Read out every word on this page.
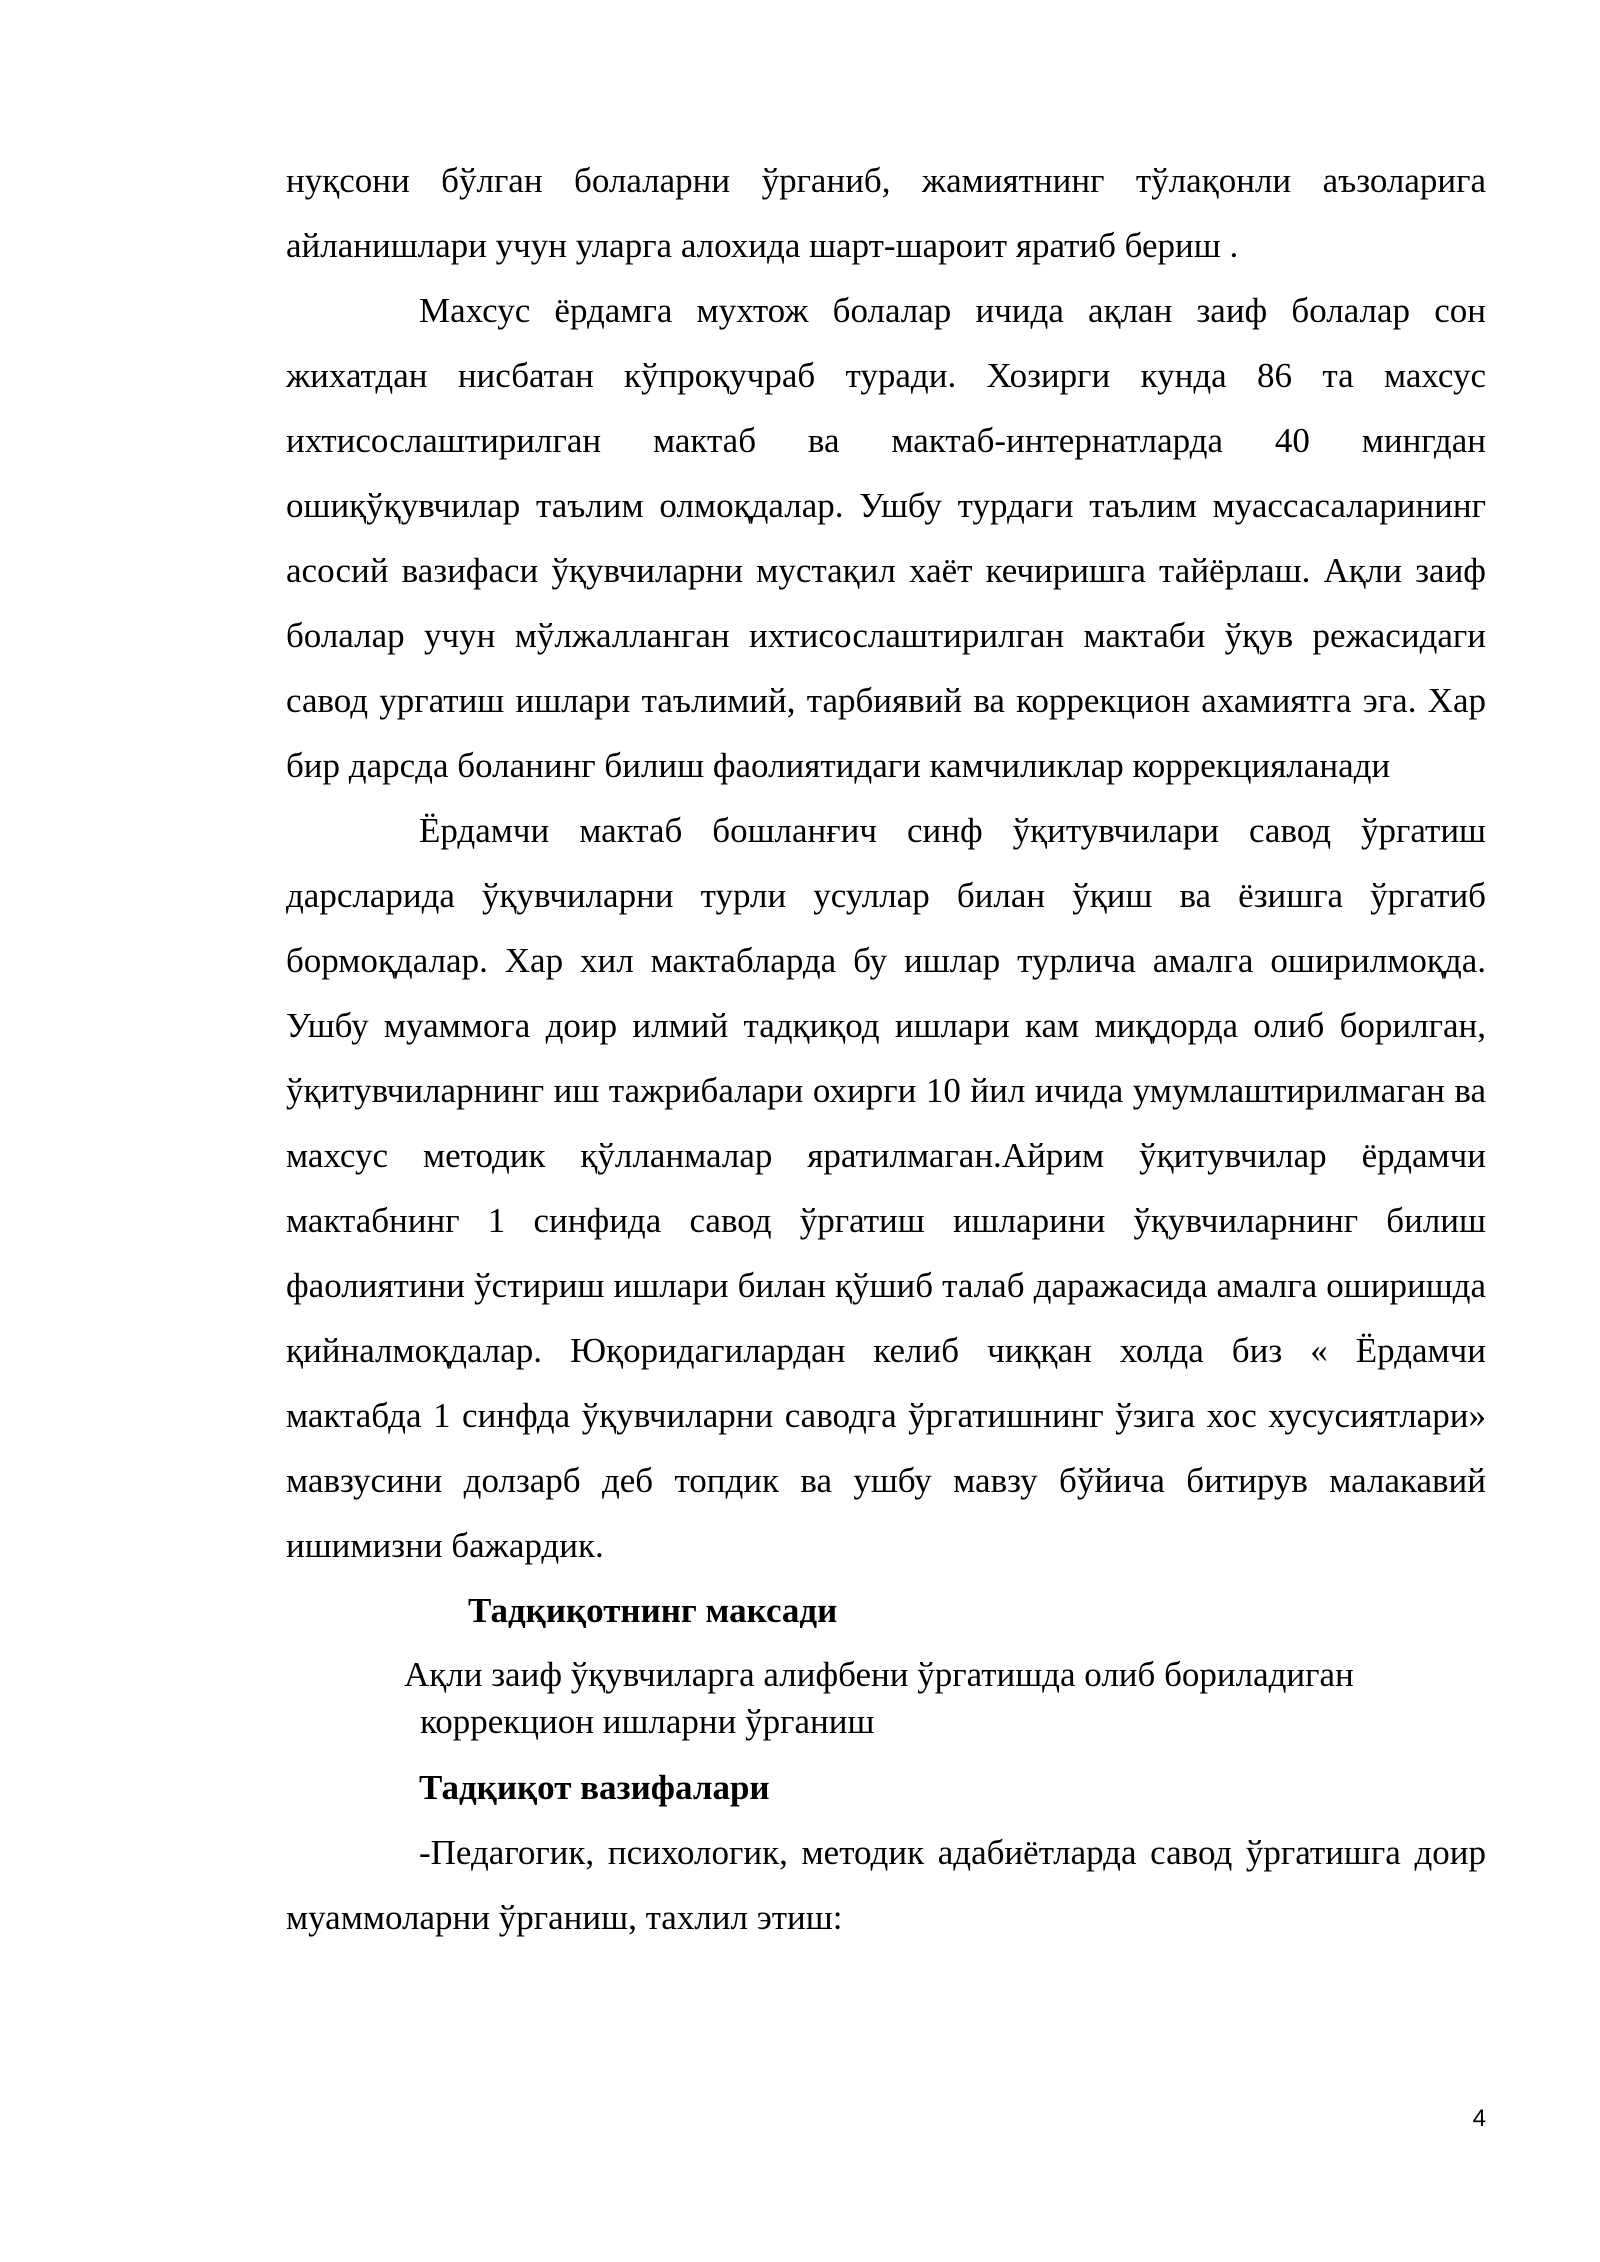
нуқсони бўлган болаларни ўрганиб, жамиятнинг тўлақонли аъзоларига айланишлари учун уларга алохида шарт-шароит яратиб бериш .

Махсус ёрдамга мухтож болалар ичида ақлан заиф болалар сон жихатдан нисбатан кўпроқучраб туради. Хозирги кунда 86 та махсус ихтисослаштирилган мактаб ва мактаб-интернатларда 40 мингдан ошиқўқувчилар таълим олмоқдалар. Ушбу турдаги таълим муассасаларининг асосий вазифаси ўқувчиларни мустақил хаёт кечиришга тайёрлаш. Ақли заиф болалар учун мўлжалланган ихтисослаштирилган мактаби ўқув режасидаги савод ургатиш ишлари таълимий, тарбиявий ва коррекцион ахамиятга эга. Хар бир дарсда боланинг билиш фаолиятидаги камчиликлар коррекцияланади

Ёрдамчи мактаб бошланғич синф ўқитувчилари савод ўргатиш дарсларида ўқувчиларни турли усуллар билан ўқиш ва ёзишга ўргатиб бормоқдалар. Хар хил мактабларда бу ишлар турлича амалга оширилмоқда. Ушбу муаммога доир илмий тадқиқод ишлари кам миқдорда олиб борилган, ўқитувчиларнинг иш тажрибалари охирги 10 йил ичида умумлаштирилмаган ва махсус методик қўлланмалар яратилмаган.Айрим ўқитувчилар ёрдамчи мактабнинг 1 синфида савод ўргатиш ишларини ўқувчиларнинг билиш фаолиятини ўстириш ишлари билан қўшиб талаб даражасида амалга оширишда қийналмоқдалар. Юқоридагилардан келиб чиққан холда биз « Ёрдамчи мактабда 1 синфда ўқувчиларни саводга ўргатишнинг ўзига хос хусусиятлари» мавзусини долзарб деб топдик ва ушбу мавзу бўйича битирув малакавий ишимизни бажардик.

Тадқиқотнинг максади
Ақли заиф ўқувчиларга алифбени ўргатишда олиб бориладиган
коррекцион ишларни ўрганиш
Тадқиқот вазифалари

-Педагогик, психологик, методик адабиётларда савод ўргатишга доир муаммоларни ўрганиш, тахлил этиш:

4
